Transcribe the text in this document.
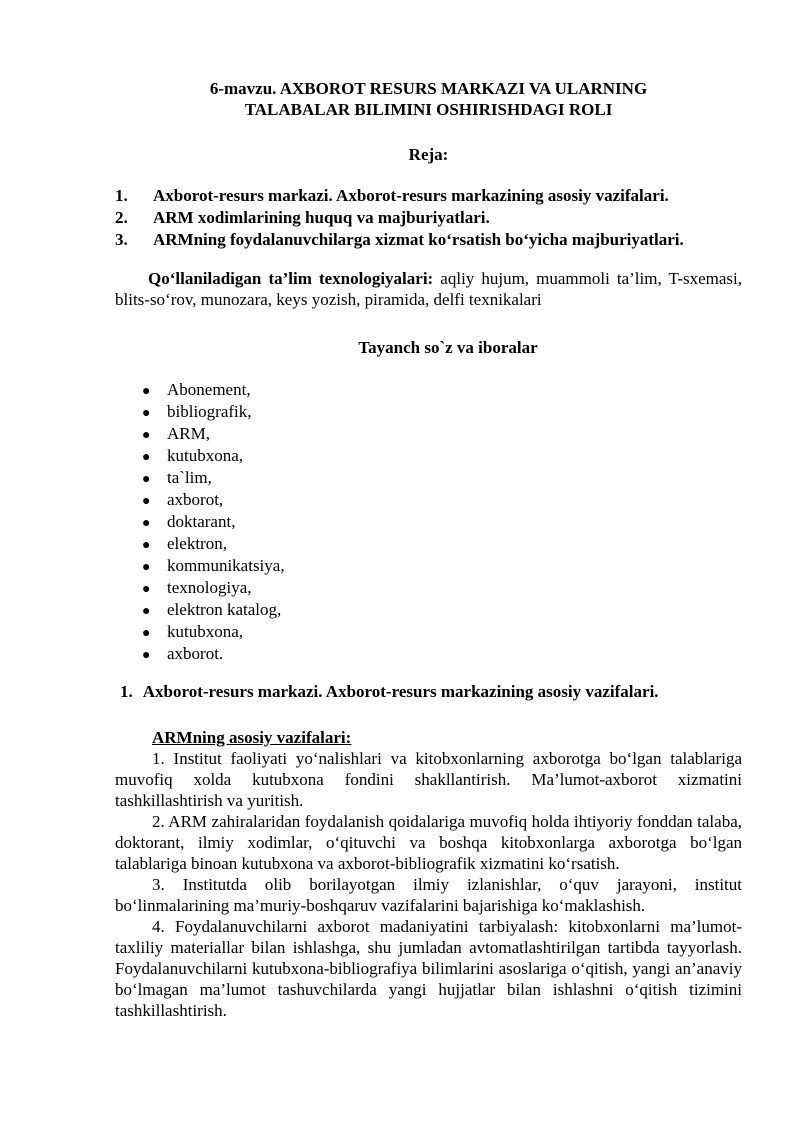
6-mavzu. AXBOROT RESURS MARKAZI VA ULARNING
TALABALAR BILIMINI OSHIRISHDAGI ROLI
Reja:
1. Axborot-resurs markazi. Axborot-resurs markazining asosiy vazifalari.
2. ARM xodimlarining huquq va majburiyatlari.
3. ARMning foydalanuvchilarga xizmat ko‘rsatish bo‘yicha majburiyatlari.
Qo‘llaniladigan ta’lim texnologiyalari: aqliy hujum, muammoli ta’lim, T-sxemasi, blits-so‘rov, munozara, keys yozish, piramida, delfi texnikalari
Tayanch so`z va iboralar
● Abonement,
● bibliografik,
● ARM,
● kutubxona,
● ta`lim,
● axborot,
● doktarant,
● elektron,
● kommunikatsiya,
● texnologiya,
● elektron katalog,
● kutubxona,
● axborot.
1. Axborot-resurs markazi. Axborot-resurs markazining asosiy vazifalari.
ARMning asosiy vazifalari:

1. Institut faoliyati yo‘nalishlari va kitobxonlarning axborotga bo‘lgan talablariga muvofiq xolda kutubxona fondini shakllantirish. Ma’lumot-axborot xizmatini tashkillashtirish va yuritish.

2. ARM zahiralaridan foydalanish qoidalariga muvofiq holda ihtiyoriy fonddan talaba, doktorant, ilmiy xodimlar, o‘qituvchi va boshqa kitobxonlarga axborotga bo‘lgan talablariga binoan kutubxona va axborot-bibliografik xizmatini ko‘rsatish.

3. Institutda olib borilayotgan ilmiy izlanishlar, o‘quv jarayoni, institut bo‘linmalarining ma’muriy-boshqaruv vazifalarini bajarishiga ko‘maklashish.

4. Foydalanuvchilarni axborot madaniyatini tarbiyalash: kitobxonlarni ma’lumot-taxliliy materiallar bilan ishlashga, shu jumladan avtomatlashtirilgan tartibda tayyorlash. Foydalanuvchilarni kutubxona-bibliografiya bilimlarini asoslariga o‘qitish, yangi an’anaviy bo‘lmagan ma’lumot tashuvchilarda yangi hujjatlar bilan ishlashni o‘qitish tizimini tashkillashtirish.
